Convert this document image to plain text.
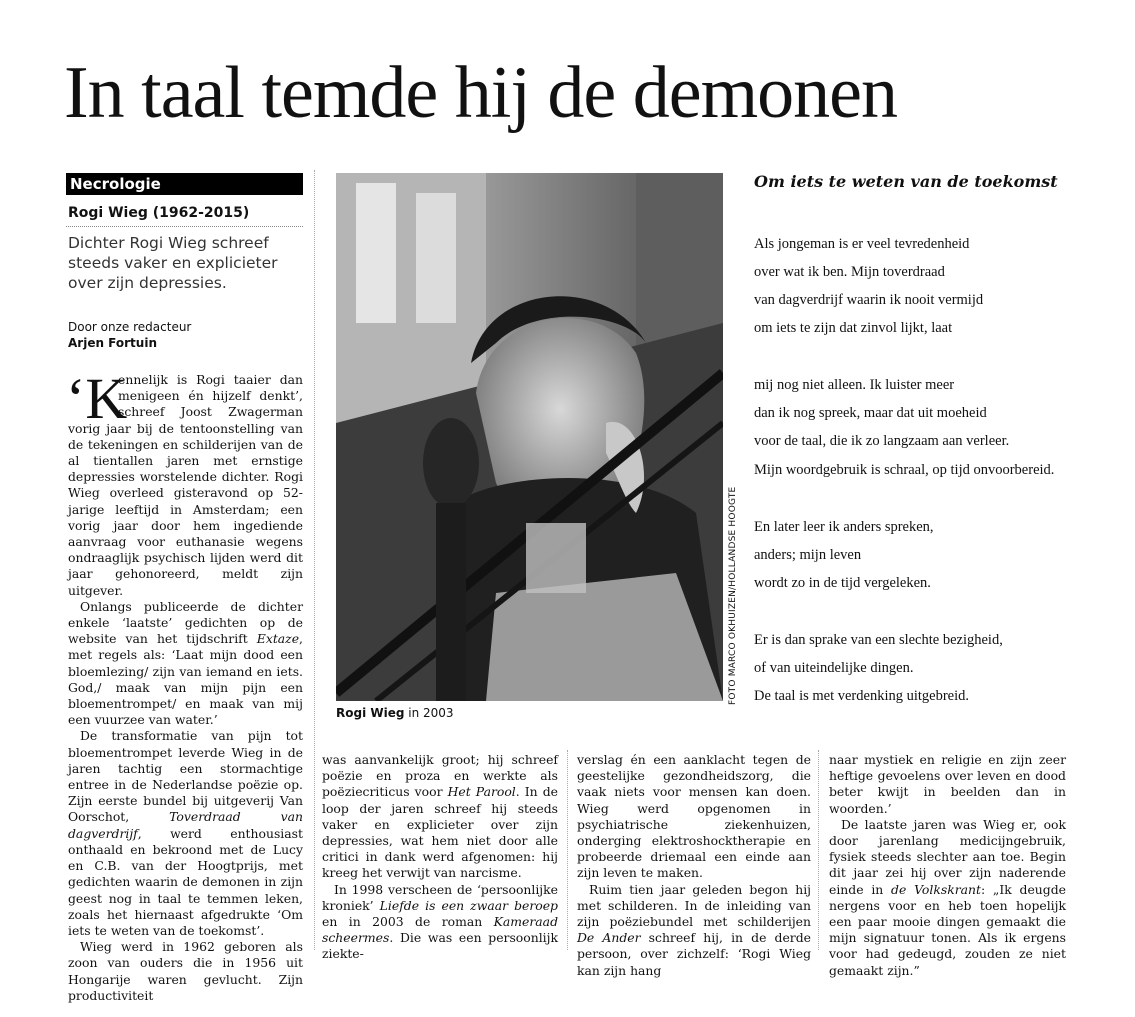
In taal temde hij de demonen
Necrologie
Rogi Wieg (1962-2015)
Dichter Rogi Wieg schreef steeds vaker en explicieter over zijn depressies.
Door onze redacteur
Arjen Fortuin
‘K

ennelijk is Rogi taaier dan menigeen én hijzelf denkt’, schreef Joost Zwagerman vorig jaar bij de tentoonstelling van de tekeningen en schilderijen van de al tientallen jaren met ernstige depressies worstelende dichter. Rogi Wieg overleed gisteravond op 52-jarige leeftijd in Amsterdam; een vorig jaar door hem ingediende aanvraag voor euthanasie wegens ondraaglijk psychisch lijden werd dit jaar gehonoreerd, meldt zijn uitgever.

Onlangs publiceerde de dichter enkele ‘laatste’ gedichten op de website van het tijdschrift Extaze, met regels als: ‘Laat mijn dood een bloemlezing/ zijn van iemand en iets. God,/ maak van mijn pijn een bloementrompet/ en maak van mij een vuurzee van water.’

De transformatie van pijn tot bloementrompet leverde Wieg in de jaren tachtig een stormachtige entree in de Nederlandse poëzie op. Zijn eerste bundel bij uitgeverij Van Oorschot, Toverdraad van dagverdrijf, werd enthousiast onthaald en bekroond met de Lucy en C.B. van der Hoogtprijs, met gedichten waarin de demonen in zijn geest nog in taal te temmen leken, zoals het hiernaast afgedrukte ‘Om iets te weten van de toekomst’.

Wieg werd in 1962 geboren als zoon van ouders die in 1956 uit Hongarije waren gevlucht. Zijn productiviteit

FOTO MARCO OKHUIZEN/HOLLANDSE HOOGTE
Rogi Wieg in 2003
Om iets te weten van de toekomst
Als jongeman is er veel tevredenheid
over wat ik ben. Mijn toverdraad
van dagverdrijf waarin ik nooit vermijd
om iets te zijn dat zinvol lijkt, laat
mij nog niet alleen. Ik luister meer
dan ik nog spreek, maar dat uit moeheid
voor de taal, die ik zo langzaam aan verleer.
Mijn woordgebruik is schraal, op tijd onvoorbereid.
En later leer ik anders spreken,
anders; mijn leven
wordt zo in de tijd vergeleken.
Er is dan sprake van een slechte bezigheid,
of van uiteindelijke dingen.
De taal is met verdenking uitgebreid.

was aanvankelijk groot; hij schreef poëzie en proza en werkte als poëziecriticus voor Het Parool. In de loop der jaren schreef hij steeds vaker en explicieter over zijn depressies, wat hem niet door alle critici in dank werd afgenomen: hij kreeg het verwijt van narcisme.

In 1998 verscheen de ‘persoonlijke kroniek’ Liefde is een zwaar beroep en in 2003 de roman Kameraad scheermes. Die was een persoonlijk ziekte-

verslag én een aanklacht tegen de geestelijke gezondheidszorg, die vaak niets voor mensen kan doen. Wieg werd opgenomen in psychiatrische ziekenhuizen, onderging elektroshocktherapie en probeerde driemaal een einde aan zijn leven te maken.

Ruim tien jaar geleden begon hij met schilderen. In de inleiding van zijn poëziebundel met schilderijen De Ander schreef hij, in de derde persoon, over zichzelf: ‘Rogi Wieg kan zijn hang

naar mystiek en religie en zijn zeer heftige gevoelens over leven en dood beter kwijt in beelden dan in woorden.’

De laatste jaren was Wieg er, ook door jarenlang medicijngebruik, fysiek steeds slechter aan toe. Begin dit jaar zei hij over zijn naderende einde in de Volkskrant: „Ik deugde nergens voor en heb toen hopelijk een paar mooie dingen gemaakt die mijn signatuur tonen. Als ik ergens voor had gedeugd, zouden ze niet gemaakt zijn.”
